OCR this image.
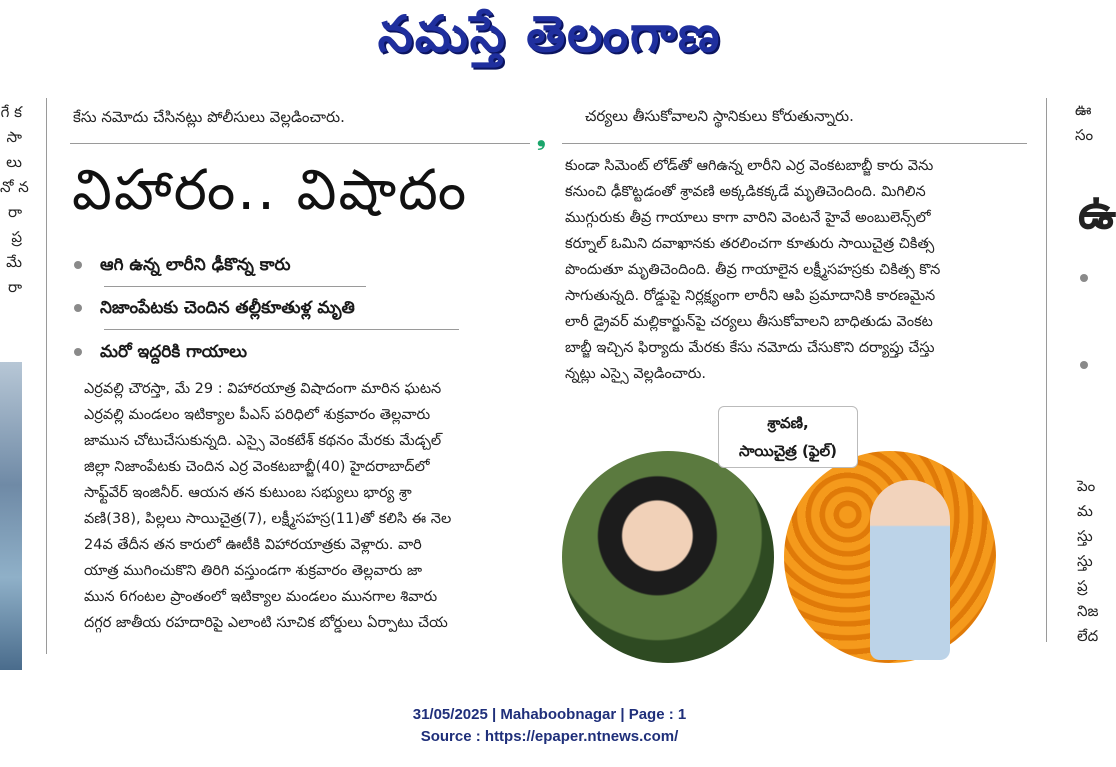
నమస్తే తెలంగాణ
గే క
సా
లు
నో న
రా
ప్ర
మే
రా
కేసు నమోదు చేసినట్లు పోలీసులు వెల్లడించారు.	చర్యలు తీసుకోవాలని స్థానికులు కోరుతున్నారు.
❟
విహారం.. విషాదం
ఆగి ఉన్న లారీని ఢీకొన్న కారు
నిజాంపేటకు చెందిన తల్లీకూతుళ్ల మృతి
మరో ఇద్దరికి గాయాలు
ఎర్రవల్లి చౌరస్తా, మే 29 : విహారయాత్ర విషాదంగా మారిన ఘటన
ఎర్రవల్లి మండలం ఇటిక్యాల పీఎస్ పరిధిలో శుక్రవారం తెల్లవారు
జామున చోటుచేసుకున్నది. ఎస్సై వెంకటేశ్ కథనం మేరకు మేడ్చల్
జిల్లా నిజాంపేటకు చెందిన ఎర్ర వెంకటబాబ్జీ(40) హైదరాబాద్‌లో
సాఫ్ట్‌వేర్ ఇంజినీర్. ఆయన తన కుటుంబ సభ్యులు భార్య శ్రా
వణి(38), పిల్లలు సాయిచైత్ర(7), లక్ష్మీసహస్ర(11)తో కలిసి ఈ నెల
24వ తేదీన తన కారులో ఊటీకి విహారయాత్రకు వెళ్లారు. వారి
యాత్ర ముగించుకొని తిరిగి వస్తుండగా శుక్రవారం తెల్లవారు జా
మున 6గంటల ప్రాంతంలో ఇటిక్యాల మండలం మునగాల శివారు
దగ్గర జాతీయ రహదారిపై ఎలాంటి సూచిక బోర్డులు ఏర్పాటు చేయ
కుండా సిమెంట్ లోడ్‌తో ఆగిఉన్న లారీని ఎర్ర వెంకటబాబ్జీ కారు వెను
కనుంచి ఢీకొట్టడంతో శ్రావణి అక్కడికక్కడే మృతిచెందింది. మిగిలిన
ముగ్గురుకు తీవ్ర గాయాలు కాగా వారిని వెంటనే హైవే అంబులెన్స్‌లో
కర్నూల్ ఓమిని దవాఖానకు తరలించగా కూతురు సాయిచైత్ర చికిత్స
పొందుతూ మృతిచెందింది. తీవ్ర గాయాలైన లక్ష్మీసహస్రకు చికిత్స కొన
సాగుతున్నది. రోడ్డుపై నిర్లక్ష్యంగా లారీని ఆపి ప్రమాదానికి కారణమైన
లారీ డ్రైవర్ మల్లికార్జున్‌పై చర్యలు తీసుకోవాలని బాధితుడు వెంకట
బాబ్జీ ఇచ్చిన ఫిర్యాదు మేరకు కేసు నమోదు చేసుకొని దర్యాప్తు చేస్తు
న్నట్లు ఎస్సై వెల్లడించారు.
శ్రావణి,
సాయిచైత్ర (ఫైల్)
ఊ
సం
ఉ
పెం
మ
స్తు
స్తు
ప్ర
నిజ
లేద
31/05/2025 | Mahaboobnagar | Page : 1
Source : https://epaper.ntnews.com/
